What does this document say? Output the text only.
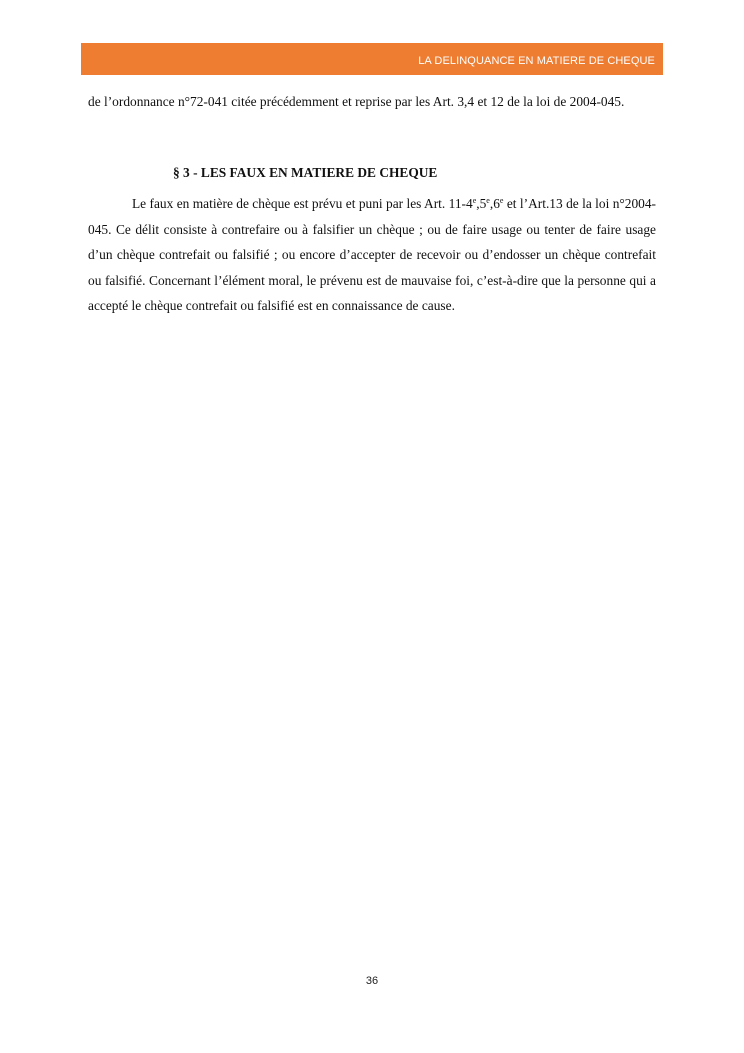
LA DELINQUANCE EN MATIERE DE CHEQUE

de l’ordonnance n°72-041 citée précédemment et reprise par les Art. 3,4 et 12 de la loi de 2004-045.

§ 3 - LES FAUX EN MATIERE DE CHEQUE

Le faux en matière de chèque est prévu et puni par les Art. 11-4e,5e,6e et l’Art.13 de la loi n°2004-045. Ce délit consiste à contrefaire ou à falsifier un chèque ; ou de faire usage ou tenter de faire usage d’un chèque contrefait ou falsifié ; ou encore d’accepter de recevoir ou d’endosser un chèque contrefait ou falsifié. Concernant l’élément moral, le prévenu est de mauvaise foi, c’est-à-dire que la personne qui a accepté le chèque contrefait ou falsifié est en connaissance de cause.

36
